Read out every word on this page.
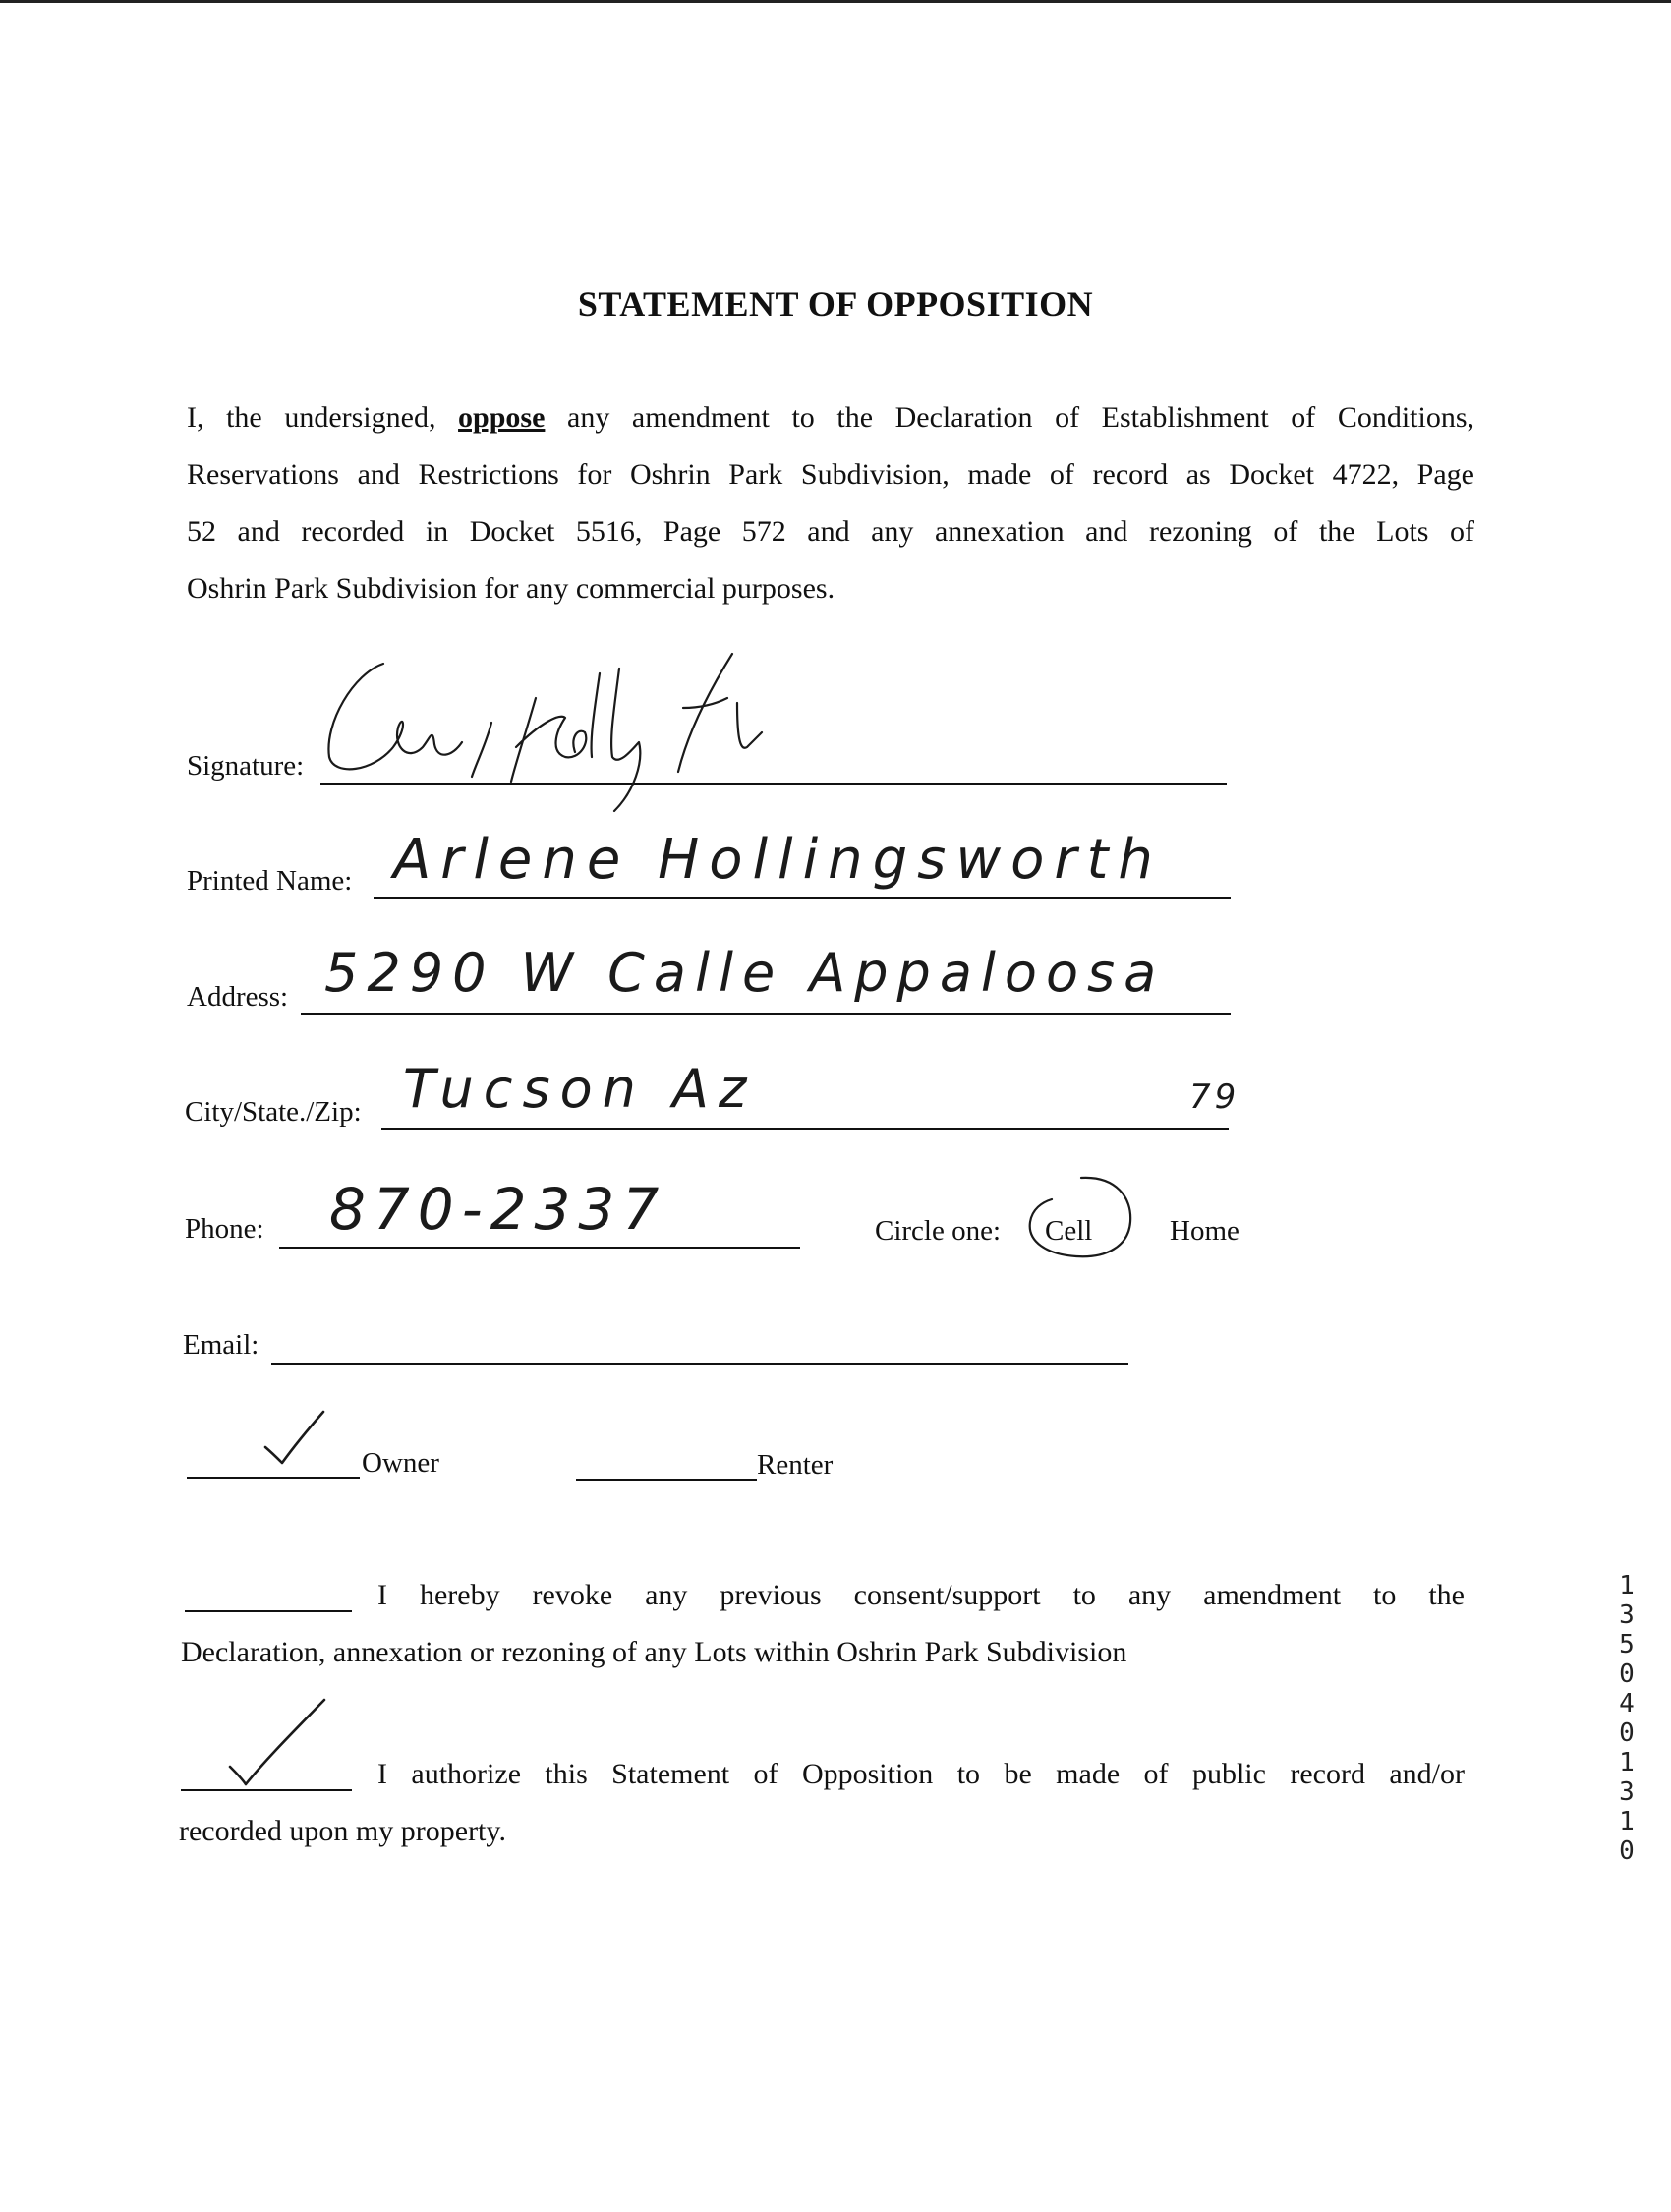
STATEMENT OF OPPOSITION
I, the undersigned, oppose any amendment to the Declaration of Establishment of Conditions,
Reservations and Restrictions for Oshrin Park Subdivision, made of record as Docket 4722, Page
52 and recorded in Docket 5516, Page 572 and any annexation and rezoning of the Lots of
Oshrin Park Subdivision for any commercial purposes.
Signature:
Printed Name: Arlene Hollingsworth
Address: 5290 W Calle Appaloosa
City/State./Zip: Tucson Az	79
Phone: 870-2337	Circle one: Cell	Home
Email:
Owner	Renter
I hereby revoke any previous consent/support to any amendment to the
Declaration, annexation or rezoning of any Lots within Oshrin Park Subdivision
I authorize this Statement of Opposition to be made of public record and/or
recorded upon my property.
1
3
5
0
4
0
1
3
1
0
